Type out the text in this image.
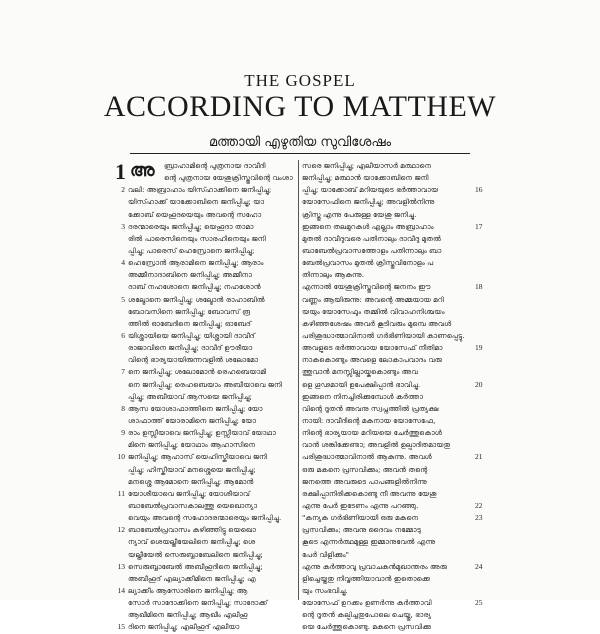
THE GOSPEL
ACCORDING TO MATTHEW
മത്തായി എഴുതിയ സുവിശേഷം
1 അ ബ്രാഹാമിന്റെ പുത്രനായ ദാവീദി
ന്റെ പുത്രനായ യേശുക്രിസ്തുവിന്റെ വംശാ
2 വലി: അബ്രാഹാം യിസ്ഹാക്കിനെ ജനിപ്പിച്ചു;
യിസ്ഹാക്ക് യാക്കോബിനെ ജനിപ്പിച്ചു; യാ
ക്കോബ് യെഹൂദയെയും അവന്റെ സഹോ
3 ദരന്മാരെയും ജനിപ്പിച്ചു; യെഹൂദാ താമാ
രിൽ പാരെസിനെയും സാരഹിനെയും ജനി
പ്പിച്ചു; പാരെസ് ഹെസ്രോനെ ജനിപ്പിച്ചു;
4 ഹെസ്രോൻ ആരാമിനെ ജനിപ്പിച്ചു; ആരാം
അമ്മീനാദാബിനെ ജനിപ്പിച്ചു; അമ്മീനാ
ദാബ് നഹശോനെ ജനിപ്പിച്ചു; നഹശോൻ
5 ശല്മോനെ ജനിപ്പിച്ചു; ശല്മോൻ രാഹാബിൽ
ബോവസിനെ ജനിപ്പിച്ചു; ബോവസ് രൂ
ത്തിൽ ഓബേദിനെ ജനിപ്പിച്ചു; ഓബേദ്
6 യിശ്ശായിയെ ജനിപ്പിച്ചു; യിശ്ശായി ദാവീദ്
രാജാവിനെ ജനിപ്പിച്ചു; ദാവീദ് ഊരീയാ
വിന്റെ ഭാര്യയായിരുന്നവളിൽ ശലോമോ
7 നെ ജനിപ്പിച്ചു; ശലോമോൻ രെഹബെയാമി
നെ ജനിപ്പിച്ചു; രെഹബെയാം അബീയാവെ ജനി
പ്പിച്ചു; അബീയാവ് ആസയെ ജനിപ്പിച്ചു;
8 ആസ യോശാഫാത്തിനെ ജനിപ്പിച്ചു; യോ
ശാഫാത്ത് യോരാമിനെ ജനിപ്പിച്ചു; യോ
9 രാം ഉസ്സീയാവെ ജനിപ്പിച്ചു; ഉസ്സീയാവ് യോഥാ
മിനെ ജനിപ്പിച്ചു; യോഥാം ആഹാസിനെ
10 ജനിപ്പിച്ചു; ആഹാസ് യെഹിസ്കീയാവെ ജനി
പ്പിച്ചു; ഹിസ്കീയാവ് മനശ്ശെയെ ജനിപ്പിച്ചു;
മനശ്ശെ ആമോനെ ജനിപ്പിച്ചു; ആമോൻ
11 യോശീയാവെ ജനിപ്പിച്ചു; യോശീയാവ്
ബാബേൽപ്രവാസകാലത്തു യെഖൊന്യാ
വെയും അവന്റെ സഹോദരന്മാരെയും ജനിപ്പിച്ചു.
12 ബാബേൽപ്രവാസം കഴിഞ്ഞിട്ടു യെഖൊ
ന്യാവ് ശെയല്തീയേലിനെ ജനിപ്പിച്ചു; ശെ
യല്തീയേൽ സെരുബ്ബാബേലിനെ ജനിപ്പിച്ചു;
13 സെരുബ്ബാബേൽ അബീഹൂദിനെ ജനിപ്പിച്ചു;
അബീഹൂദ് എല്യാക്കീമിനെ ജനിപ്പിച്ചു; എ
14 ല്യാക്കീം ആസോരിനെ ജനിപ്പിച്ചു; ആ
സോർ സാദോക്കിനെ ജനിപ്പിച്ചു; സാദോക്ക്
ആഖീമിനെ ജനിപ്പിച്ചു; ആഖീം എലീഹൂ
15 ദിനെ ജനിപ്പിച്ചു; എലീഹൂദ് എലീയാ
സരെ ജനിപ്പിച്ചു; എലീയാസർ മത്ഥാനെ
ജനിപ്പിച്ചു; മത്ഥാൻ യാക്കോബിനെ ജനി
16
പ്പിച്ചു; യാക്കോബ് മറിയയുടെ ഭർത്താവായ
യോസേഫിനെ ജനിപ്പിച്ചു; അവളിൽനിന്നു
ക്രിസ്തു എന്നു പേരുള്ള യേശു ജനിച്ചു.
17
ഇങ്ങനെ തലമുറകൾ എല്ലാം അബ്രാഹാം
മുതൽ ദാവീദുവരെ പതിനാലും ദാവീദു മുതൽ
ബാബേൽപ്രവാസത്തോളം പതിന്നാലും ബാ
ബേൽപ്രവാസം മുതൽ ക്രിസ്തുവിനോളം പ
തിന്നാലും ആകുന്നു.
18
എന്നാൽ യേശുക്രിസ്തുവിന്റെ ജനനം ഈ
വണ്ണം ആയിരുന്നു: അവന്റെ അമ്മയായ മറി
യയും യോസേഫും തമ്മിൽ വിവാഹനിശ്ചയം
കഴിഞ്ഞശേഷം അവർ കൂടിവരും മുമ്പെ അവൾ
പരിശുദ്ധാത്മാവിനാൽ ഗർഭിണിയായി കാണപ്പെട്ടു.
19
അവളുടെ ഭർത്താവായ യോസേഫ് നീതിമാ
നാകകൊണ്ടും അവളെ ലോകാപവാദം വരു
ത്തുവാൻ മനസ്സില്ലായ്കകൊണ്ടും അവ
20
ളെ ഗൂഢമായി ഉപേക്ഷിപ്പാൻ ഭാവിച്ചു.
ഇങ്ങനെ നിനച്ചിരിക്കുമ്പോൾ കർത്താ
വിന്റെ ദൂതൻ അവനു സ്വപ്നത്തിൽ പ്രത്യക്ഷ
നായി: ദാവീദിന്റെ മകനായ യോസേഫേ,
നിന്റെ ഭാര്യയായ മറിയയെ ചേർത്തുകൊൾ
വാൻ ശങ്കിക്കേണ്ടാ; അവളിൽ ഉല്പാദിതമായതു
21
പരിശുദ്ധാത്മാവിനാൽ ആകുന്നു. അവൾ
ഒരു മകനെ പ്രസവിക്കും; അവൻ തന്റെ
ജനത്തെ അവരുടെ പാപങ്ങളിൽനിന്നു
രക്ഷിപ്പാനിരിക്കകൊണ്ടു നീ അവന്നു യേശു
22
എന്നു പേർ ഇടേണം എന്നു പറഞ്ഞു.
23
"കന്യക ഗർഭിണിയായി ഒരു മകനെ
പ്രസവിക്കും; അവനു ദൈവം നമ്മോടു
കൂടെ എന്നർത്ഥമുള്ള ഇമ്മാനുവേൽ എന്നു
പേർ വിളിക്കും"
24
എന്നു കർത്താവു പ്രവാചകൻമുഖാന്തരം അരു
ളിച്ചെയ്തതു നിവൃത്തിയാവാൻ ഇതൊക്കെ
യും സംഭവിച്ചു.
25
യോസേഫ് ഉറക്കം ഉണർന്നു കർത്താവി
ന്റെ ദൂതൻ കല്പിച്ചതുപോലെ ചെയ്തു, ഭാര്യ
യെ ചേർത്തുകൊണ്ടു. മകനെ പ്രസവിക്കു
